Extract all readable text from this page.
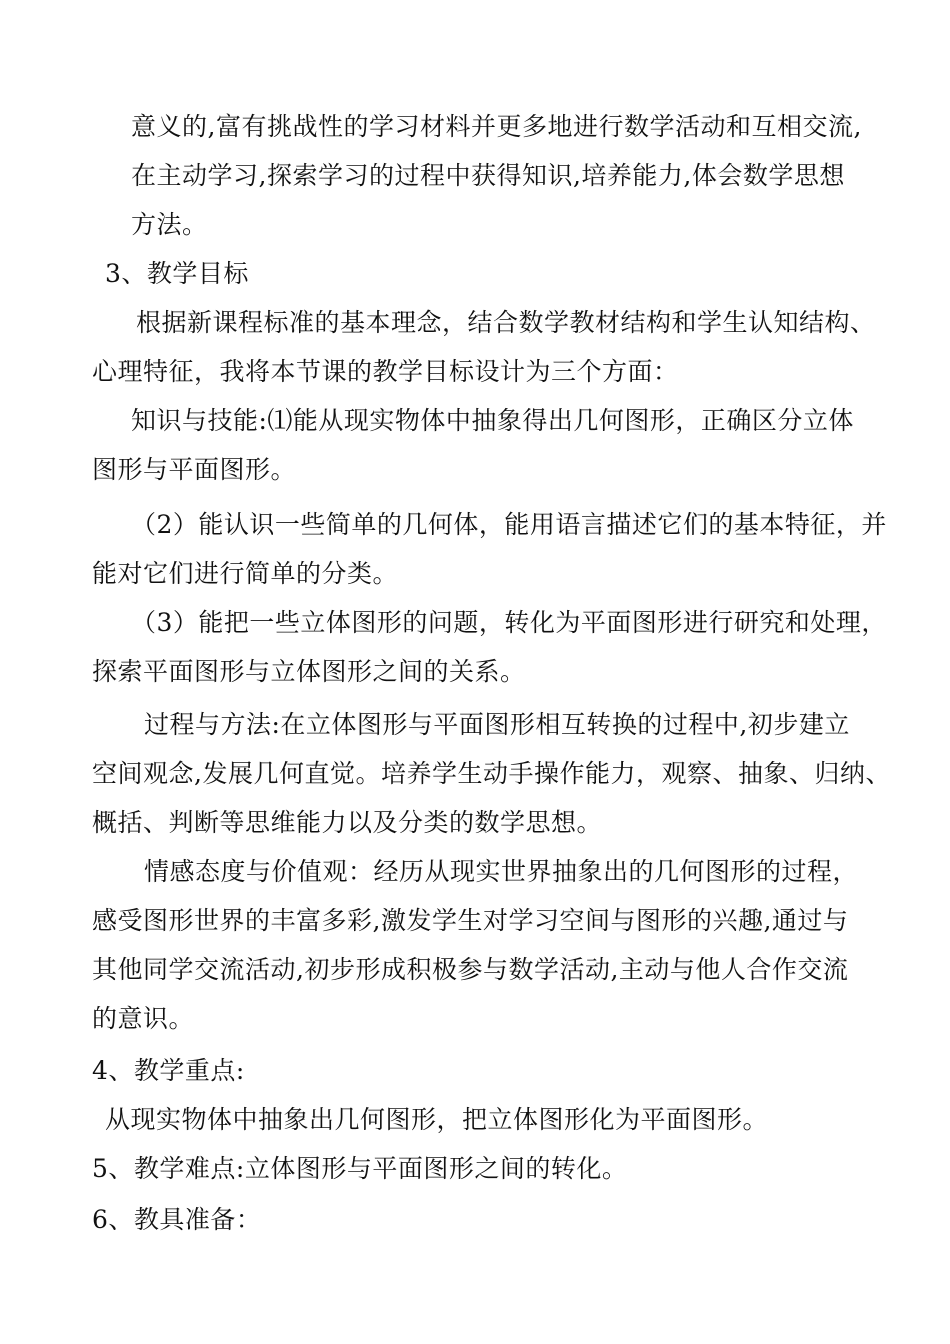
意义的,富有挑战性的学习材料并更多地进行数学活动和互相交流,
在主动学习,探索学习的过程中获得知识,培养能力,体会数学思想
方法。
3、教学目标
根据新课程标准的基本理念，结合数学教材结构和学生认知结构、
心理特征，我将本节课的教学目标设计为三个方面：
知识与技能:⑴能从现实物体中抽象得出几何图形，正确区分立体
图形与平面图形。
（2）能认识一些简单的几何体，能用语言描述它们的基本特征，并
能对它们进行简单的分类。
（3）能把一些立体图形的问题，转化为平面图形进行研究和处理，
探索平面图形与立体图形之间的关系。
过程与方法:在立体图形与平面图形相互转换的过程中,初步建立
空间观念,发展几何直觉。培养学生动手操作能力，观察、抽象、归纳、
概括、判断等思维能力以及分类的数学思想。
情感态度与价值观：经历从现实世界抽象出的几何图形的过程，
感受图形世界的丰富多彩,激发学生对学习空间与图形的兴趣,通过与
其他同学交流活动,初步形成积极参与数学活动,主动与他人合作交流
的意识。
4、教学重点:
从现实物体中抽象出几何图形，把立体图形化为平面图形。
5、教学难点:立体图形与平面图形之间的转化。
6、教具准备：
